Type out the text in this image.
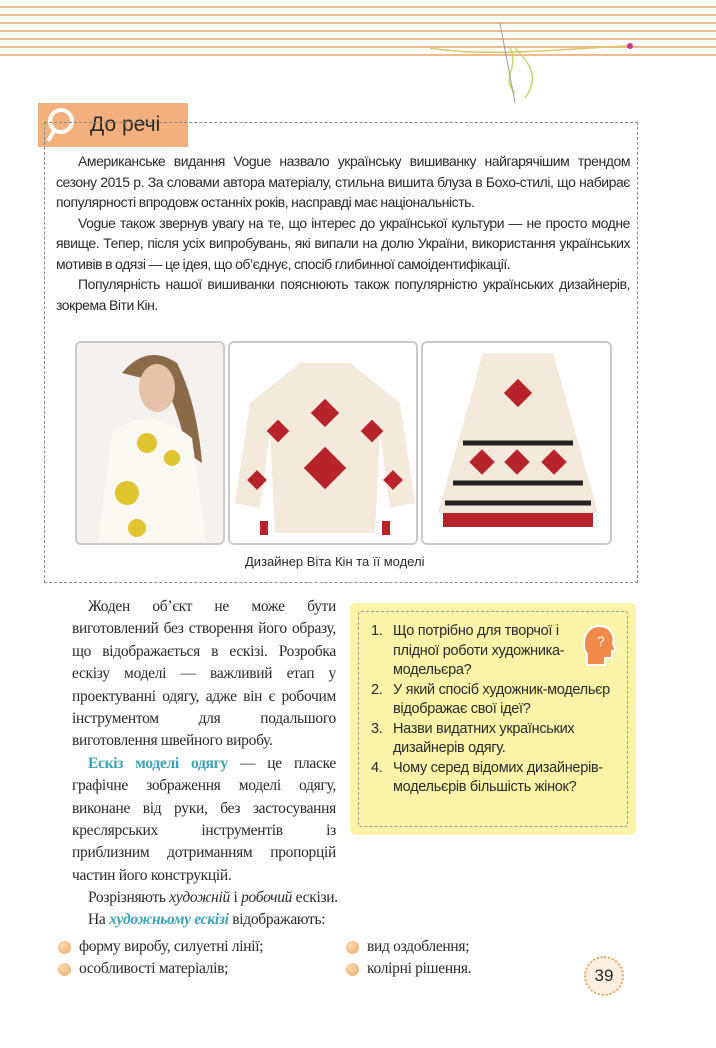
До речі

Американське видання Vogue назвало українську вишиванку найгарячішим трендом сезону 2015 р. За словами автора матеріалу, стильна вишита блуза в Бохо-стилі, що набирає популярності впродовж останніх років, насправді має національність.

Vogue також звернув увагу на те, що інтерес до української культури — не просто модне явище. Тепер, після усіх випробувань, які випали на долю України, використання українських мотивів в одязі — це ідея, що об’єднує, спосіб глибинної самоідентифікації.

Популярність нашої вишиванки пояснюють також популярністю українських дизайнерів, зокрема Віти Кін.

Дизайнер Віта Кін та її моделі
?
1. Що потрібно для творчої і плідної роботи художника-модельєра?
2. У який спосіб художник-модельєр відображає свої ідеї?
3. Назви видатних українських дизайнерів одягу.
4. Чому серед відомих дизайнерів-модельєрів більшість жінок?

Жоден об’єкт не може бути виготовлений без створення його образу, що відображається в ескізі. Розробка ескізу моделі — важливий етап у проектуванні одягу, адже він є робочим інструментом для подальшого виготовлення швейного виробу.

Ескіз моделі одягу — це пласке графічне зображення моделі одягу, виконане від руки, без застосування креслярських інструментів із приблизним дотриманням пропорцій частин його конструкцій.

Розрізняють художній і робочий ескізи.

На художньому ескізі відображають:

форму виробу, силуетні лінії;	вид оздоблення;
особливості матеріалів;	колірні рішення.	39
